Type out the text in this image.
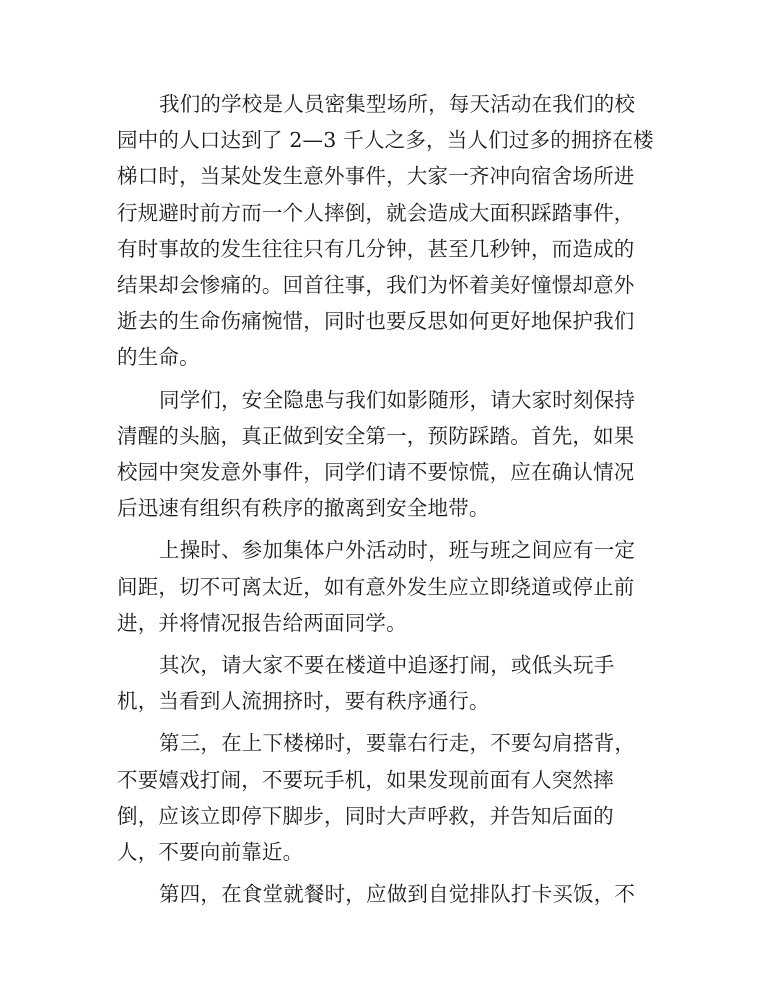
我们的学校是人员密集型场所，每天活动在我们的校
园中的人口达到了 2—3 千人之多，当人们过多的拥挤在楼
梯口时，当某处发生意外事件，大家一齐冲向宿舍场所进
行规避时前方而一个人摔倒，就会造成大面积踩踏事件，
有时事故的发生往往只有几分钟，甚至几秒钟，而造成的
结果却会惨痛的。回首往事，我们为怀着美好憧憬却意外
逝去的生命伤痛惋惜，同时也要反思如何更好地保护我们
的生命。
同学们，安全隐患与我们如影随形，请大家时刻保持
清醒的头脑，真正做到安全第一，预防踩踏。首先，如果
校园中突发意外事件，同学们请不要惊慌，应在确认情况
后迅速有组织有秩序的撤离到安全地带。
上操时、参加集体户外活动时，班与班之间应有一定
间距，切不可离太近，如有意外发生应立即绕道或停止前
进，并将情况报告给两面同学。
其次，请大家不要在楼道中追逐打闹，或低头玩手
机，当看到人流拥挤时，要有秩序通行。
第三，在上下楼梯时，要靠右行走，不要勾肩搭背，
不要嬉戏打闹，不要玩手机，如果发现前面有人突然摔
倒，应该立即停下脚步，同时大声呼救，并告知后面的
人，不要向前靠近。
第四，在食堂就餐时，应做到自觉排队打卡买饭，不
